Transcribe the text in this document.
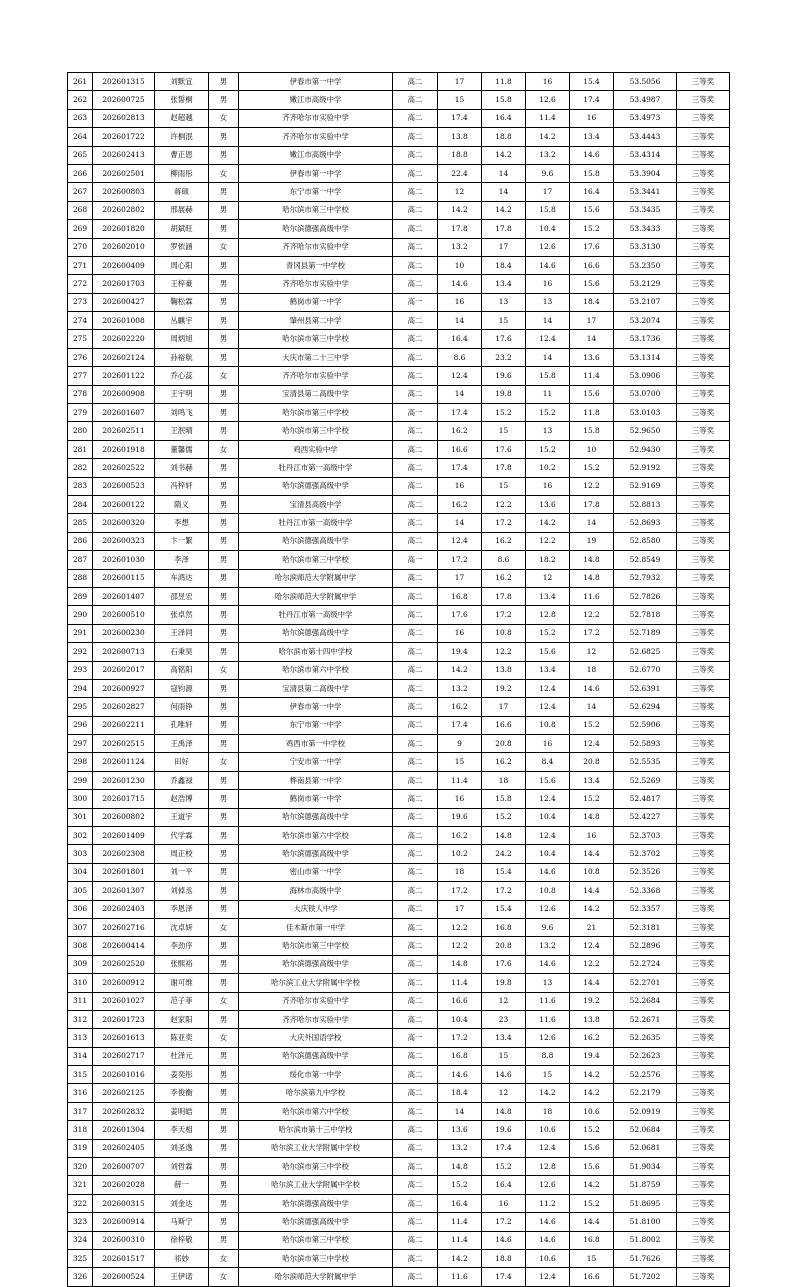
261	202601315	刘默宜	男	伊春市第一中学	高二	17	11.8	16	15.4	53.5056	三等奖
262	202600725	张誓桐	男	嫩江市高级中学	高二	15	15.8	12.6	17.4	53.4987	三等奖
263	202602813	赵超越	女	齐齐哈尔市实验中学	高二	17.4	16.4	11.4	16	53.4973	三等奖
264	202601722	许桐泯	男	齐齐哈尔市实验中学	高二	13.8	18.8	14.2	13.4	53.4443	三等奖
265	202602413	曹正恩	男	嫩江市高级中学	高二	18.8	14.2	13.2	14.6	53.4314	三等奖
266	202602501	柳雨彤	女	伊春市第一中学	高二	22.4	14	9.6	15.8	53.3904	三等奖
267	202600803	蒋硕	男	东宁市第一中学	高二	12	14	17	16.4	53.3441	三等奖
268	202602802	邢展赫	男	哈尔滨市第三中学校	高二	14.2	14.2	15.8	15.6	53.3435	三等奖
269	202601820	胡斌旺	男	哈尔滨德强高级中学	高二	17.8	17.8	10.4	15.2	53.3433	三等奖
270	202602010	罗依涵	女	齐齐哈尔市实验中学	高二	13.2	17	12.6	17.6	53.3130	三等奖
271	202600409	周心阳	男	青冈县第一中学校	高二	10	18.4	14.6	16.6	53.2350	三等奖
272	202601703	王梓豪	男	齐齐哈尔市实验中学	高二	14.6	13.4	16	15.6	53.2129	三等奖
273	202600427	鞠松霖	男	鹤岗市第一中学	高一	16	13	13	18.4	53.2107	三等奖
274	202601008	丛麒宇	男	肇州县第二中学	高二	14	15	14	17	53.2074	三等奖
275	202602220	周炳旭	男	哈尔滨市第三中学校	高二	16.4	17.6	12.4	14	53.1736	三等奖
276	202602124	孙裕航	男	大庆市第二十三中学	高二	8.6	23.2	14	13.6	53.1314	三等奖
277	202601122	乔心蕊	女	齐齐哈尔市实验中学	高二	12.4	19.6	15.8	11.4	53.0906	三等奖
278	202600908	王宇明	男	宝清县第二高级中学	高二	14	19.8	11	15.6	53.0700	三等奖
279	202601607	刘鸣飞	男	哈尔滨市第三中学校	高一	17.4	15.2	15.2	11.8	53.0103	三等奖
280	202602511	王泯晴	男	哈尔滨市第三中学校	高二	16.2	15	13	15.8	52.9650	三等奖
281	202601918	董馨儒	女	鸡西实验中学	高二	16.6	17.6	15.2	10	52.9430	三等奖
282	202602522	刘书赫	男	牡丹江市第一高级中学	高二	17.4	17.8	10.2	15.2	52.9192	三等奖
283	202600523	冯梓轩	男	哈尔滨德强高级中学	高二	16	15	16	12.2	52.9169	三等奖
284	202600122	隋义	男	宝清县高级中学	高二	16.2	12.2	13.6	17.8	52.8813	三等奖
285	202600320	李想	男	牡丹江市第一高级中学	高二	14	17.2	14.2	14	52.8693	三等奖
286	202600323	卞一繁	男	哈尔滨德强高级中学	高二	12.4	16.2	12.2	19	52.8580	三等奖
287	202601030	李泽	男	哈尔滨市第三中学校	高一	17.2	8.6	18.2	14.8	52.8549	三等奖
288	202600115	车鸿达	男	哈尔滨师范大学附属中学	高二	17	16.2	12	14.8	52.7932	三等奖
289	202601407	邵昱宏	男	哈尔滨师范大学附属中学	高二	16.8	17.8	13.4	11.6	52.7826	三等奖
290	202600510	张卓然	男	牡丹江市第一高级中学	高二	17.6	17.2	12.8	12.2	52.7818	三等奖
291	202600230	王泽同	男	哈尔滨德强高级中学	高二	16	10.8	15.2	17.2	52.7189	三等奖
292	202600713	石秉昊	男	哈尔滨市第十四中学校	高二	19.4	12.2	15.6	12	52.6825	三等奖
293	202602017	高铭阳	女	哈尔滨市第六中学校	高二	14.2	13.8	13.4	18	52.6770	三等奖
294	202600927	寇钧源	男	宝清县第二高级中学	高二	13.2	19.2	12.4	14.6	52.6391	三等奖
295	202602827	何雨铮	男	伊春市第一中学	高二	16.2	17	12.4	14	52.6294	三等奖
296	202602211	孔唯轩	男	东宁市第一中学	高二	17.4	16.6	10.8	15.2	52.5906	三等奖
297	202602515	王禹泽	男	鸡西市第一中学校	高二	9	20.8	16	12.4	52.5893	三等奖
298	202601124	田好	女	宁安市第一中学	高二	15	16.2	8.4	20.8	52.5535	三等奖
299	202601230	乔鑫禄	男	桦南县第一中学	高二	11.4	18	15.6	13.4	52.5269	三等奖
300	202601715	赵浩博	男	鹤岗市第一中学	高二	16	15.8	12.4	15.2	52.4817	三等奖
301	202600802	王道宇	男	哈尔滨德强高级中学	高二	19.6	15.2	10.4	14.8	52.4227	三等奖
302	202601409	代学霖	男	哈尔滨市第六中学校	高二	16.2	14.8	12.4	16	52.3703	三等奖
303	202602308	周正校	男	哈尔滨德强高级中学	高二	10.2	24.2	10.4	14.4	52.3702	三等奖
304	202601801	刘一平	男	密山市第一中学	高二	18	15.4	14.6	10.8	52.3526	三等奖
305	202601307	刘倬丞	男	海林市高级中学	高二	17.2	17.2	10.8	14.4	52.3368	三等奖
306	202602403	李恩泽	男	大庆铁人中学	高二	17	15.4	12.6	14.2	52.3357	三等奖
307	202602716	沈卓妍	女	佳木斯市第一中学	高二	12.2	16.8	9.6	21	52.3181	三等奖
308	202600414	李劲序	男	哈尔滨市第三中学校	高二	12.2	20.8	13.2	12.4	52.2896	三等奖
309	202602520	张熙裕	男	哈尔滨德强高级中学	高二	14.8	17.6	14.6	12.2	52.2724	三等奖
310	202600912	谢可维	男	哈尔滨工业大学附属中学校	高二	11.4	19.8	13	14.4	52.2701	三等奖
311	202601027	范子菲	女	齐齐哈尔市实验中学	高二	16.6	12	11.6	19.2	52.2684	三等奖
312	202601723	赵家阳	男	齐齐哈尔市实验中学	高二	10.4	23	11.6	13.8	52.2671	三等奖
313	202601613	陈亚奕	女	大庆外国语学校	高一	17.2	13.4	12.6	16.2	52.2635	三等奖
314	202602717	杜泽元	男	哈尔滨德强高级中学	高二	16.8	15	8.8	19.4	52.2623	三等奖
315	202601016	姜奕彤	男	绥化市第一中学	高二	14.6	14.6	15	14.2	52.2576	三等奖
316	202602125	李俊衡	男	哈尔滨第九中学校	高二	18.4	12	14.2	14.2	52.2179	三等奖
317	202602832	姜明皓	男	哈尔滨市第六中学校	高二	14	14.8	18	10.6	52.0919	三等奖
318	202601304	李天相	男	哈尔滨市第十三中学校	高二	13.6	19.6	10.6	15.2	52.0684	三等奖
319	202602405	刘圣逸	男	哈尔滨工业大学附属中学校	高二	13.2	17.4	12.4	15.6	52.0681	三等奖
320	202600707	刘哲霖	男	哈尔滨市第三中学校	高二	14.8	15.2	12.8	15.6	51.9034	三等奖
321	202602028	薛一	男	哈尔滨工业大学附属中学校	高二	15.2	16.4	12.6	14.2	51.8759	三等奖
322	202600315	刘金达	男	哈尔滨德强高级中学	高二	16.4	16	11.2	15.2	51.8695	三等奖
323	202600914	马斯宁	男	哈尔滨德强高级中学	高二	11.4	17.2	14.6	14.4	51.8100	三等奖
324	202600310	徐梓敬	男	哈尔滨市第三中学校	高二	11.4	14.6	14.6	16.8	51.8002	三等奖
325	202601517	祁妙	女	哈尔滨市第三中学校	高二	14.2	18.8	10.6	15	51.7626	三等奖
326	202600524	王伊诺	女	哈尔滨师范大学附属中学	高二	11.6	17.4	12.4	16.6	51.7202	三等奖
